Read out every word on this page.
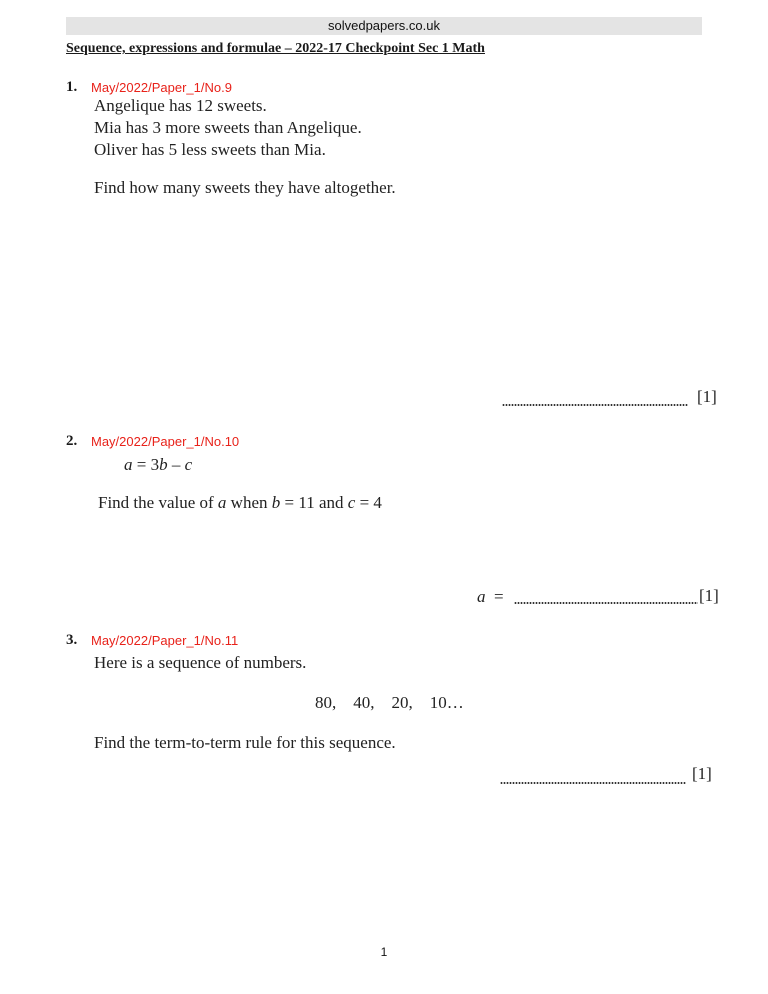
solvedpapers.co.uk
Sequence, expressions and formulae – 2022-17 Checkpoint Sec 1 Math
1. May/2022/Paper_1/No.9
Angelique has 12 sweets.
Mia has 3 more sweets than Angelique.
Oliver has 5 less sweets than Mia.
Find how many sweets they have altogether.
[1]
2. May/2022/Paper_1/No.10
a = 3b – c
Find the value of a when b = 11 and c = 4
a =	[1]
3. May/2022/Paper_1/No.11
Here is a sequence of numbers.
80,    40,    20,    10…
Find the term-to-term rule for this sequence.
[1]
1
